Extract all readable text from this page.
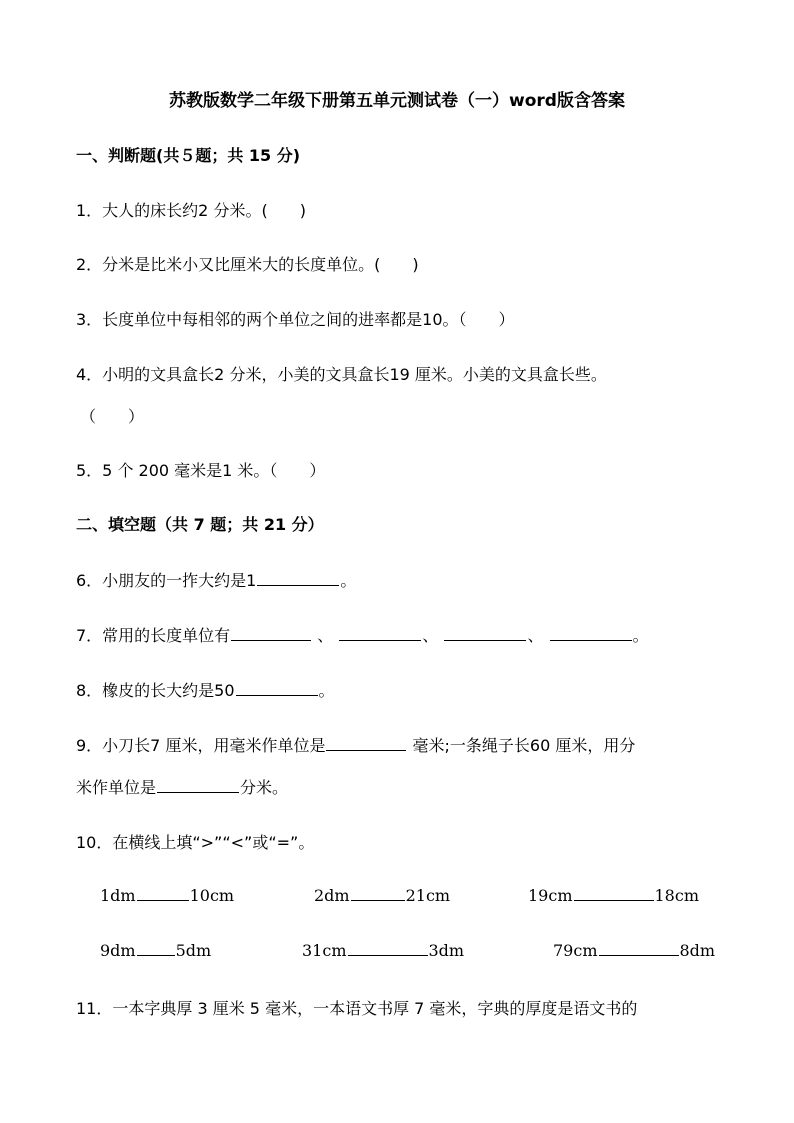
苏教版数学二年级下册第五单元测试卷（一）word版含答案
一、判断题(共５题；共 15 分)
1．大人的床长约2 分米。(　　)
2．分米是比米小又比厘米大的长度单位。(　　)
3．长度单位中每相邻的两个单位之间的进率都是10。（　　）
4．小明的文具盒长2 分米，小美的文具盒长19 厘米。小美的文具盒长些。
（　　）
5．5 个 200 毫米是1 米。（　　）
二、填空题（共 7 题；共 21 分）
6．小朋友的一拃大约是1	。
7．常用的长度单位有	、	、	、	。
8．橡皮的长大约是50	。
9．小刀长7 厘米，用毫米作单位是	毫米;一条绳子长60 厘米，用分
米作单位是	分米。
10．在横线上填“>”“<”或“=”。
1dm	10cm	2dm	21cm	19cm	18cm
9dm	5dm	31cm	3dm	79cm	8dm
11．一本字典厚 3 厘米 5 毫米，一本语文书厚 7 毫米，字典的厚度是语文书的
